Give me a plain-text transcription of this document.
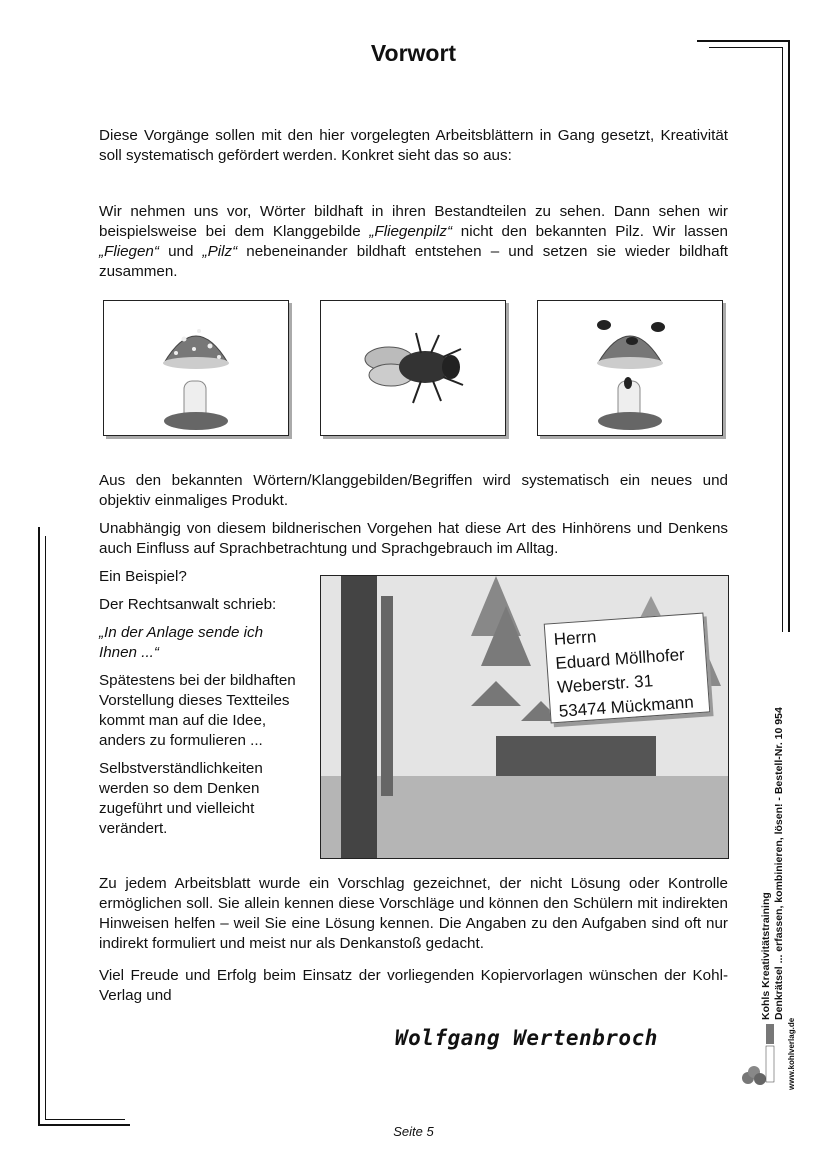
Vorwort
Diese Vorgänge sollen mit den hier vorgelegten Arbeitsblättern in Gang gesetzt, Kreativität soll systematisch gefördert werden. Konkret sieht das so aus:
Wir nehmen uns vor, Wörter bildhaft in ihren Bestandteilen zu sehen. Dann sehen wir beispielsweise bei dem Klanggebilde „Fliegenpilz“ nicht den bekannten Pilz. Wir lassen „Fliegen“ und „Pilz“ nebeneinander bildhaft entstehen – und setzen sie wieder bildhaft zusammen.
Aus den bekannten Wörtern/Klanggebilden/Begriffen wird systematisch ein neues und objektiv einmaliges Produkt.
Unabhängig von diesem bildnerischen Vorgehen hat diese Art des Hinhörens und Denkens auch Einfluss auf Sprachbetrachtung und Sprachgebrauch im Alltag.
Ein Beispiel?
Der Rechtsanwalt schrieb:
„In der Anlage sende ich Ihnen ...“
Spätestens bei der bildhaften Vorstellung dieses Textteiles kommt man auf die Idee, anders zu formulieren ...
Selbstverständlichkeiten werden so dem Denken zugeführt und vielleicht verändert.
Herrn
Eduard Möllhofer
Weberstr. 31
53474 Mückmann
Zu jedem Arbeitsblatt wurde ein Vorschlag gezeichnet, der nicht Lösung oder Kontrolle ermöglichen soll. Sie allein kennen diese Vorschläge und können den Schülern mit indirekten Hinweisen helfen – weil Sie eine Lösung kennen. Die Angaben zu den Aufgaben sind oft nur indirekt formuliert und meist nur als Denkanstoß gedacht.
Viel Freude und Erfolg beim Einsatz der vorliegenden Kopiervorlagen wünschen der Kohl-Verlag und
Wolfgang Wertenbroch
Kohls Kreativitätstraining Denkrätsel ... erfassen, kombinieren, lösen! - Bestell-Nr. 10 954
www.kohlverlag.de
Seite 5
